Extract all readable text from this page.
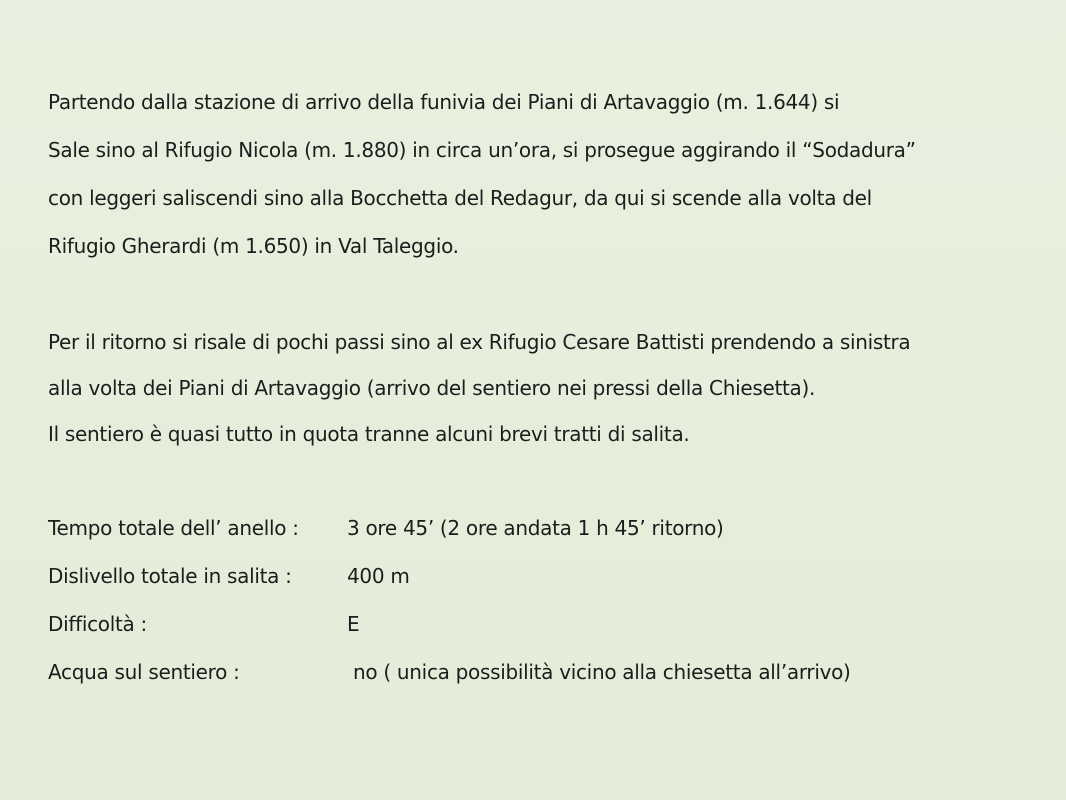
Partendo dalla stazione di arrivo della funivia dei Piani di Artavaggio (m. 1.644) si
Sale sino al Rifugio Nicola (m. 1.880) in circa un’ora, si prosegue aggirando il “Sodadura”
con leggeri saliscendi sino alla Bocchetta del Redagur, da qui si scende alla volta del
Rifugio Gherardi (m 1.650) in Val Taleggio.
Per il ritorno si risale di pochi passi sino al ex Rifugio Cesare Battisti prendendo a sinistra
alla volta dei Piani di Artavaggio (arrivo del sentiero nei pressi della Chiesetta).
Il sentiero è quasi tutto in quota tranne alcuni brevi tratti di salita.
Tempo totale dell’ anello : 3 ore 45’ (2 ore andata 1 h 45’ ritorno)
Dislivello totale in salita :	400 m
Difficoltà :	E
Acqua sul sentiero :	no ( unica possibilità vicino alla chiesetta all’arrivo)
